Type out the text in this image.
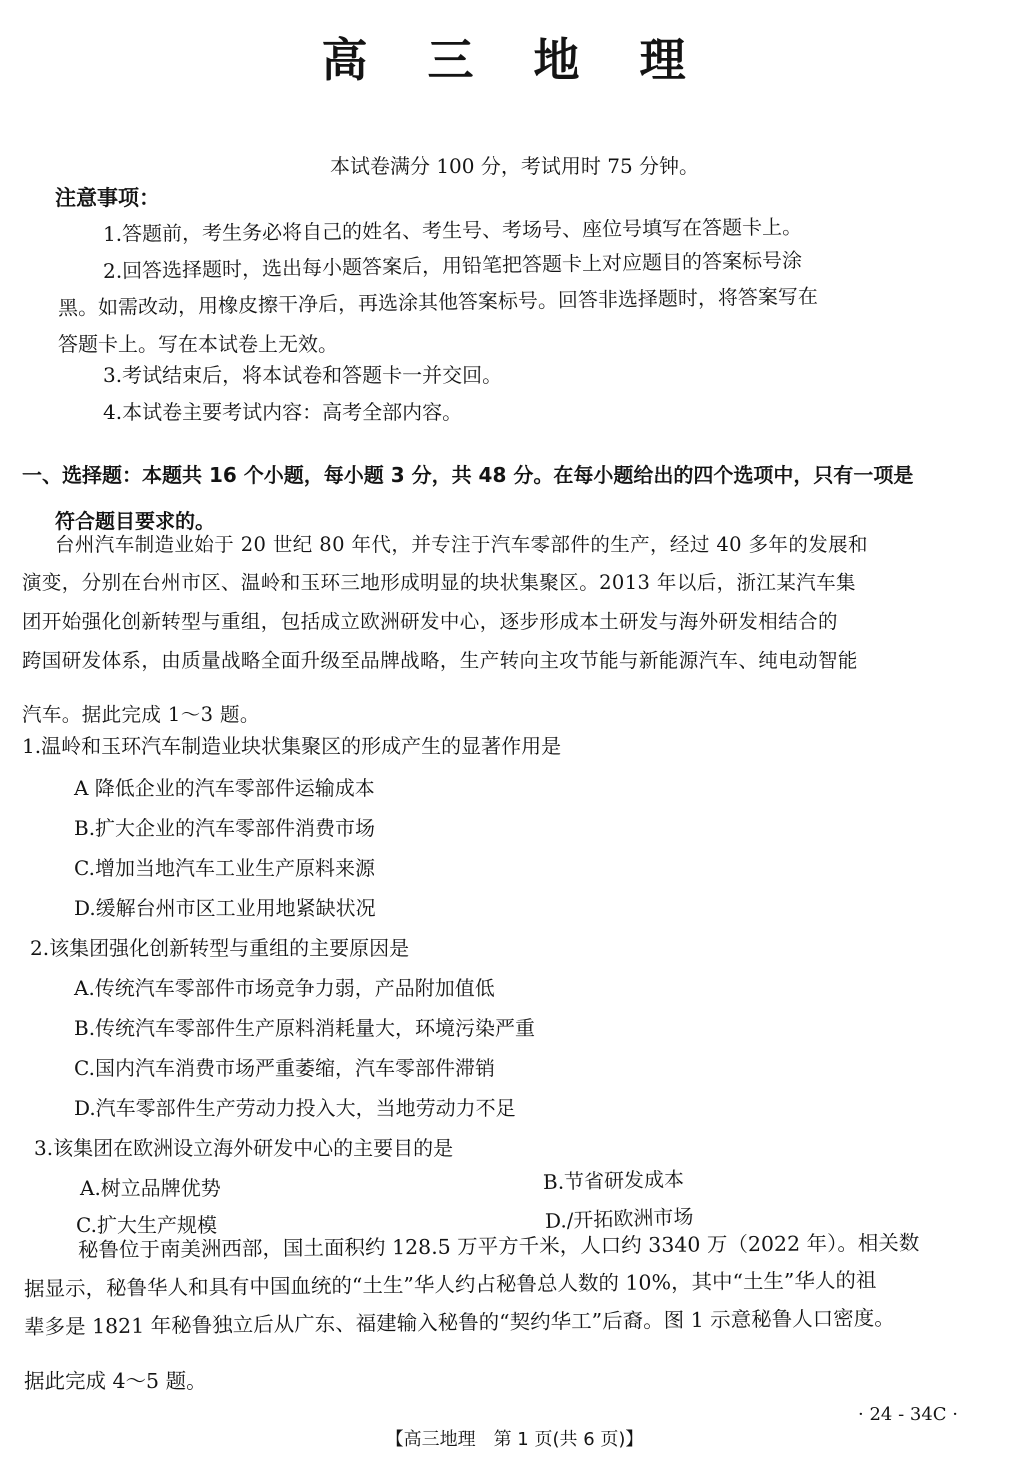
高 三 地 理
本试卷满分 100 分，考试用时 75 分钟。
注意事项：
1.答题前，考生务必将自己的姓名、考生号、考场号、座位号填写在答题卡上。
2.回答选择题时，选出每小题答案后，用铅笔把答题卡上对应题目的答案标号涂
黑。如需改动，用橡皮擦干净后，再选涂其他答案标号。回答非选择题时，将答案写在
答题卡上。写在本试卷上无效。
3.考试结束后，将本试卷和答题卡一并交回。
4.本试卷主要考试内容：高考全部内容。
一、选择题：本题共 16 个小题，每小题 3 分，共 48 分。在每小题给出的四个选项中，只有一项是
符合题目要求的。
台州汽车制造业始于 20 世纪 80 年代，并专注于汽车零部件的生产，经过 40 多年的发展和
演变，分别在台州市区、温岭和玉环三地形成明显的块状集聚区。2013 年以后，浙江某汽车集
团开始强化创新转型与重组，包括成立欧洲研发中心，逐步形成本土研发与海外研发相结合的
跨国研发体系，由质量战略全面升级至品牌战略，生产转向主攻节能与新能源汽车、纯电动智能
汽车。据此完成 1～3 题。
1.温岭和玉环汽车制造业块状集聚区的形成产生的显著作用是
A 降低企业的汽车零部件运输成本
B.扩大企业的汽车零部件消费市场
C.增加当地汽车工业生产原料来源
D.缓解台州市区工业用地紧缺状况
2.该集团强化创新转型与重组的主要原因是
A.传统汽车零部件市场竞争力弱，产品附加值低
B.传统汽车零部件生产原料消耗量大，环境污染严重
C.国内汽车消费市场严重萎缩，汽车零部件滞销
D.汽车零部件生产劳动力投入大，当地劳动力不足
3.该集团在欧洲设立海外研发中心的主要目的是
A.树立品牌优势	B.节省研发成本
C.扩大生产规模	D./开拓欧洲市场
秘鲁位于南美洲西部，国土面积约 128.5 万平方千米，人口约 3340 万（2022 年）。相关数
据显示，秘鲁华人和具有中国血统的“土生”华人约占秘鲁总人数的 10%，其中“土生”华人的祖
辈多是 1821 年秘鲁独立后从广东、福建输入秘鲁的“契约华工”后裔。图 1 示意秘鲁人口密度。
据此完成 4～5 题。
· 24 - 34C ·
【高三地理　第 1 页(共 6 页)】
